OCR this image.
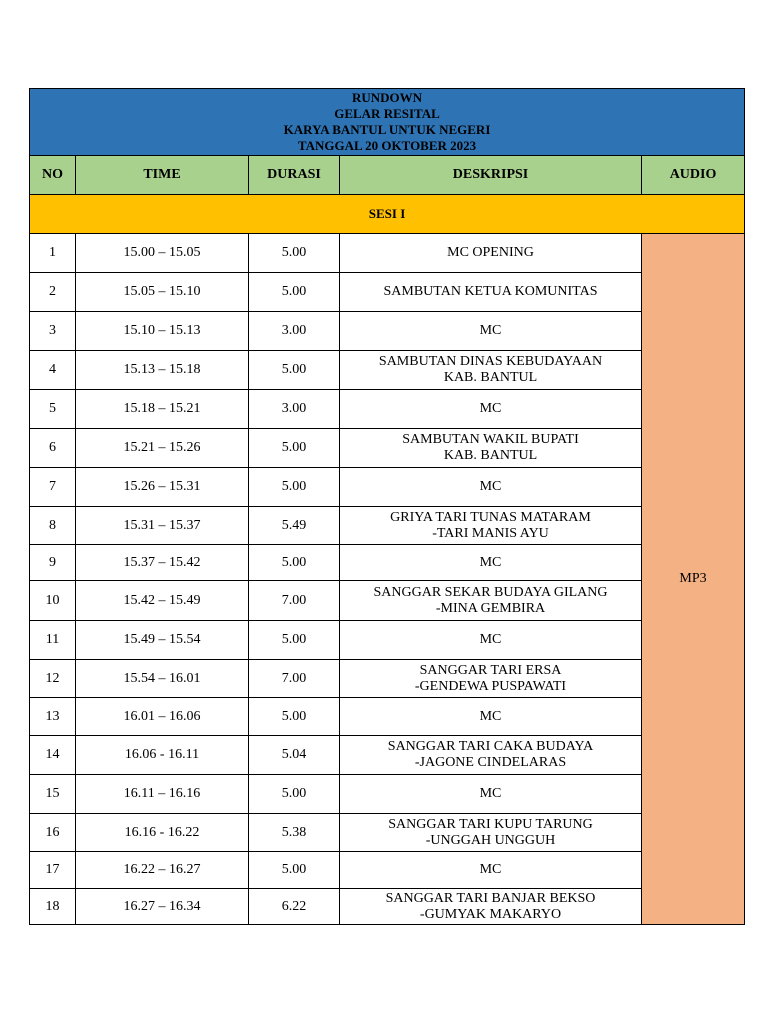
RUNDOWN
GELAR RESITAL
KARYA BANTUL UNTUK NEGERI
TANGGAL 20 OKTOBER 2023				

NO	TIME	DURASI	DESKRIPSI	AUDIO
SESI I				
1	15.00 – 15.05	5.00	MC OPENING	MP3
2	15.05 – 15.10	5.00	SAMBUTAN KETUA KOMUNITAS	

3	15.10 – 15.13	3.00	MC	

4	15.13 – 15.18	5.00	SAMBUTAN DINAS KEBUDAYAAN
KAB. BANTUL	

5	15.18 – 15.21	3.00	MC	

6	15.21 – 15.26	5.00	SAMBUTAN WAKIL BUPATI
KAB. BANTUL	

7	15.26 – 15.31	5.00	MC	

8	15.31 – 15.37	5.49	GRIYA TARI TUNAS MATARAM
-TARI MANIS AYU	

9	15.37 – 15.42	5.00	MC	

10	15.42 – 15.49	7.00	SANGGAR SEKAR BUDAYA GILANG
-MINA GEMBIRA	

11	15.49 – 15.54	5.00	MC	

12	15.54 – 16.01	7.00	SANGGAR TARI ERSA
-GENDEWA PUSPAWATI	

13	16.01 – 16.06	5.00	MC	

14	16.06 - 16.11	5.04	SANGGAR TARI CAKA BUDAYA
-JAGONE CINDELARAS	

15	16.11 – 16.16	5.00	MC	

16	16.16 - 16.22	5.38	SANGGAR TARI KUPU TARUNG
-UNGGAH UNGGUH	

17	16.22 – 16.27	5.00	MC	

18	16.27 – 16.34	6.22	SANGGAR TARI BANJAR BEKSO
-GUMYAK MAKARYO	
